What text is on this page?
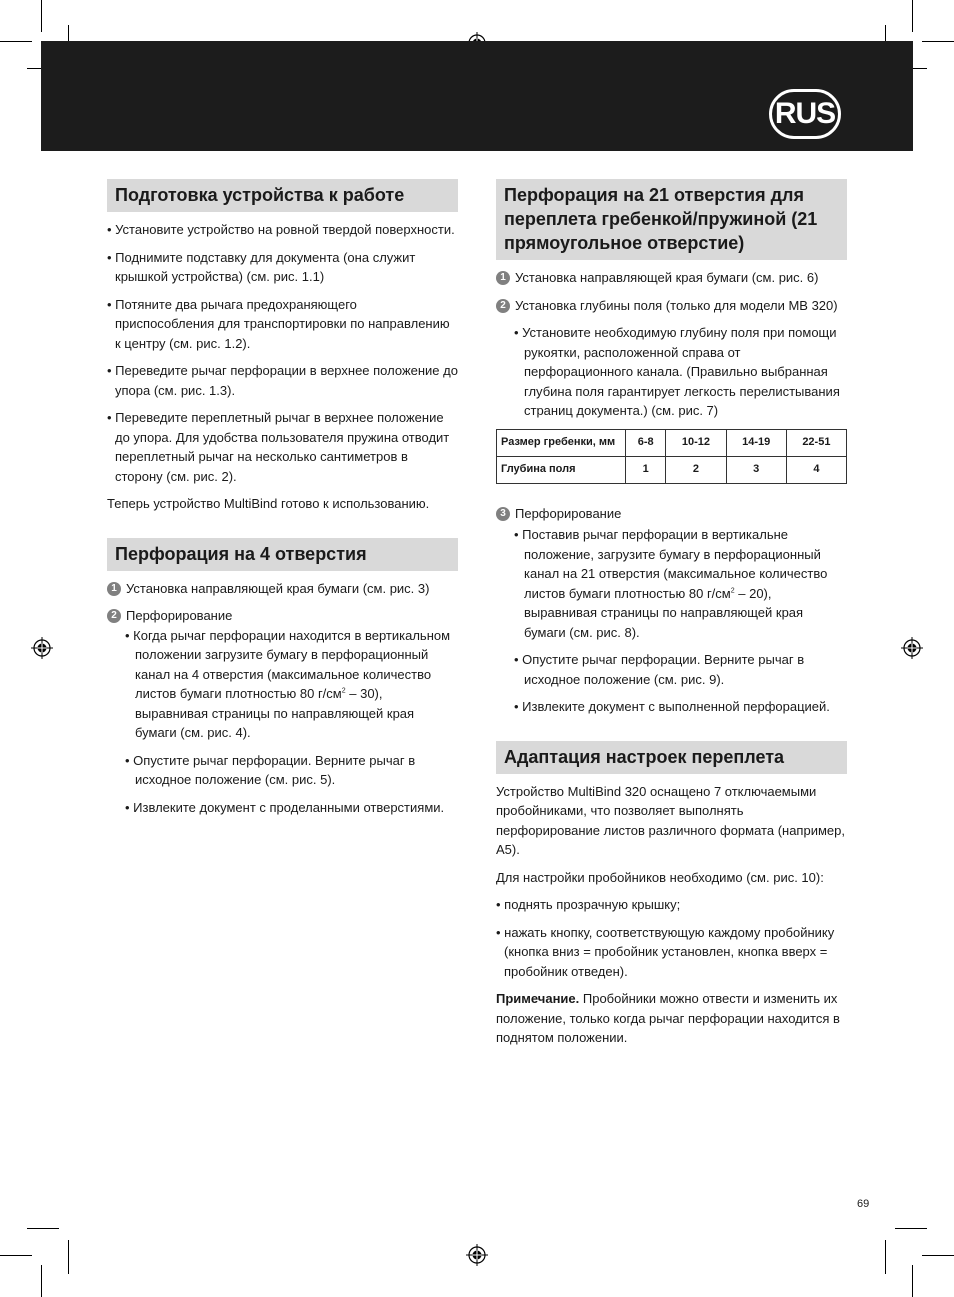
RUS
Подготовка устройства к работе

• Установите устройство на ровной твердой поверхности.

• Поднимите подставку для документа (она служит крышкой устройства) (см. рис. 1.1)

• Потяните два рычага предохраняющего приспособления для транспортировки по направлению к центру (см. рис. 1.2).

• Переведите рычаг перфорации в верхнее положение до упора (см. рис. 1.3).

• Переведите переплетный рычаг в верхнее положение до упора. Для удобства пользователя пружина отводит переплетный рычаг на несколько сантиметров в сторону (см. рис. 2).

Теперь устройство MultiBind готово к использованию.

Перфорация на 4 отверстия
1 Установка направляющей края бумаги (см. рис. 3)
2 Перфорирование

• Когда рычаг перфорации находится в вертикальном положении загрузите бумагу в перфорационный канал на 4 отверстия (максимальное количество листов бумаги плотностью 80 $г/см^2 - 30$), выравнивая страницы по направляющей края бумаги (см. рис. 4).

• Опустите рычаг перфорации. Верните рычаг в исходное положение (см. рис. 5).

• Извлеките документ с проделанными отверстиями.

Перфорация на 21 отверстия для переплета гребенкой/пружиной (21 прямоугольное отверстие)
1 Установка направляющей края бумаги (см. рис. 6)
2 Установка глубины поля (только для модели MB 320)

• Установите необходимую глубину поля при помощи рукоятки, расположенной справа от перфорационного канала. (Правильно выбранная глубина поля гарантирует легкость перелистывания страниц документа.) (см. рис. 7)

Размер гребенки, мм	6-8	10-12	14-19	22-51
Глубина поля	1	2	3	4
3 Перфорирование

• Поставив рычаг перфорации в вертикальне положение, загрузите бумагу в перфорационный канал на 21 отверстия (максимальное количество листов бумаги плотностью 80 $г/см^2 - 20$), выравнивая страницы по направляющей края бумаги (см. рис. 8).

• Опустите рычаг перфорации. Верните рычаг в исходное положение (см. рис. 9).

• Извлеките документ с выполненной перфорацией.

Адаптация настроек переплета

Устройство MultiBind 320 оснащено 7 отключаемыми пробойниками, что позволяет выполнять перфорирование листов различного формата (например, A5).

Для настройки пробойников необходимо (см. рис. 10):

• поднять прозрачную крышку;

• нажать кнопку, соответствующую каждому пробойнику (кнопка вниз = пробойник установлен, кнопка вверх = пробойник отведен).

Примечание. Пробойники можно отвести и изменить их положение, только когда рычаг перфорации находится в поднятом положении.

69
